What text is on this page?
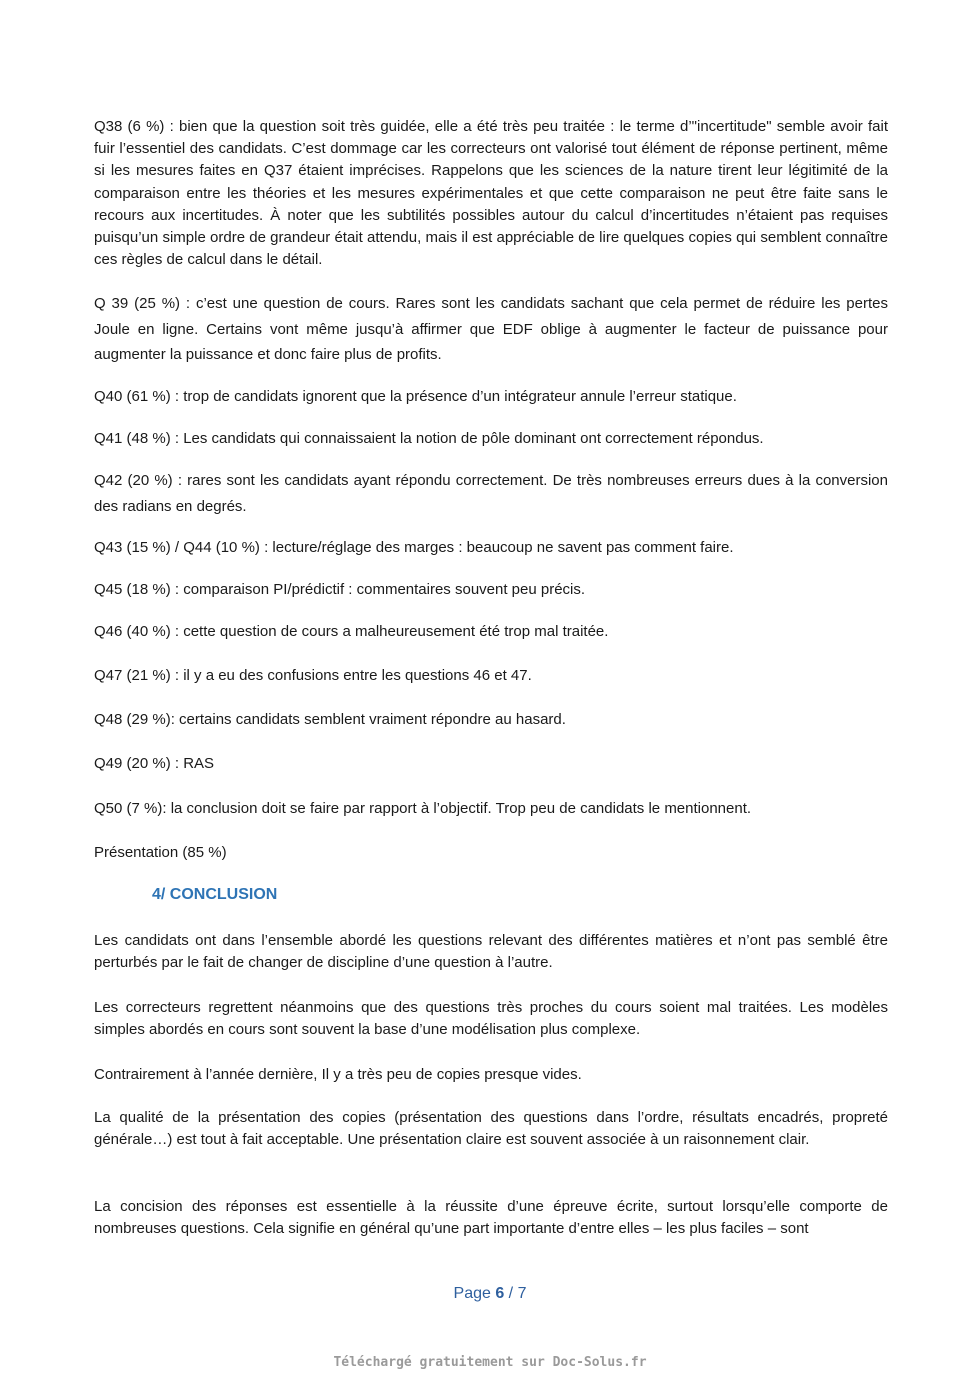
Q38 (6 %) : bien que la question soit très guidée, elle a été très peu traitée : le terme d’"incertitude" semble avoir fait fuir l’essentiel des candidats. C’est dommage car les correcteurs ont valorisé tout élément de réponse pertinent, même si les mesures faites en Q37 étaient imprécises. Rappelons que les sciences de la nature tirent leur légitimité de la comparaison entre les théories et les mesures expérimentales et que cette comparaison ne peut être faite sans le recours aux incertitudes. À noter que les subtilités possibles autour du calcul d’incertitudes n’étaient pas requises puisqu’un simple ordre de grandeur était attendu, mais il est appréciable de lire quelques copies qui semblent connaître ces règles de calcul dans le détail.

Q 39 (25 %) : c’est une question de cours. Rares sont les candidats sachant que cela permet de réduire les pertes Joule en ligne. Certains vont même jusqu’à affirmer que EDF oblige à augmenter le facteur de puissance pour augmenter la puissance et donc faire plus de profits.

Q40 (61 %) : trop de candidats ignorent que la présence d’un intégrateur annule l’erreur statique.

Q41 (48 %) : Les candidats qui connaissaient la notion de pôle dominant ont correctement répondus.

Q42 (20 %) : rares sont les candidats ayant répondu correctement. De très nombreuses erreurs dues à la conversion des radians en degrés.

Q43 (15 %) / Q44 (10 %) : lecture/réglage des marges : beaucoup ne savent pas comment faire.

Q45 (18 %) : comparaison PI/prédictif : commentaires souvent peu précis.

Q46 (40 %) : cette question de cours a malheureusement été trop mal traitée.

Q47 (21 %) : il y a eu des confusions entre les questions 46 et 47.

Q48 (29 %): certains candidats semblent vraiment répondre au hasard.

Q49 (20 %) : RAS

Q50 (7 %): la conclusion doit se faire par rapport à l’objectif. Trop peu de candidats le mentionnent.

Présentation (85 %)

Les candidats ont dans l’ensemble abordé les questions relevant des différentes matières et n’ont pas semblé être perturbés par le fait de changer de discipline d’une question à l’autre.

Les correcteurs regrettent néanmoins que des questions très proches du cours soient mal traitées. Les modèles simples abordés en cours sont souvent la base d’une modélisation plus complexe.

Contrairement à l’année dernière, Il y a très peu de copies presque vides.

La qualité de la présentation des copies (présentation des questions dans l’ordre, résultats encadrés, propreté générale…) est tout à fait acceptable. Une présentation claire est souvent associée à un raisonnement clair.

La concision des réponses est essentielle à la réussite d’une épreuve écrite, surtout lorsqu’elle comporte de nombreuses questions. Cela signifie en général qu’une part importante d’entre elles – les plus faciles – sont

4/ CONCLUSION
Page 6 / 7
Téléchargé gratuitement sur Doc-Solus.fr
